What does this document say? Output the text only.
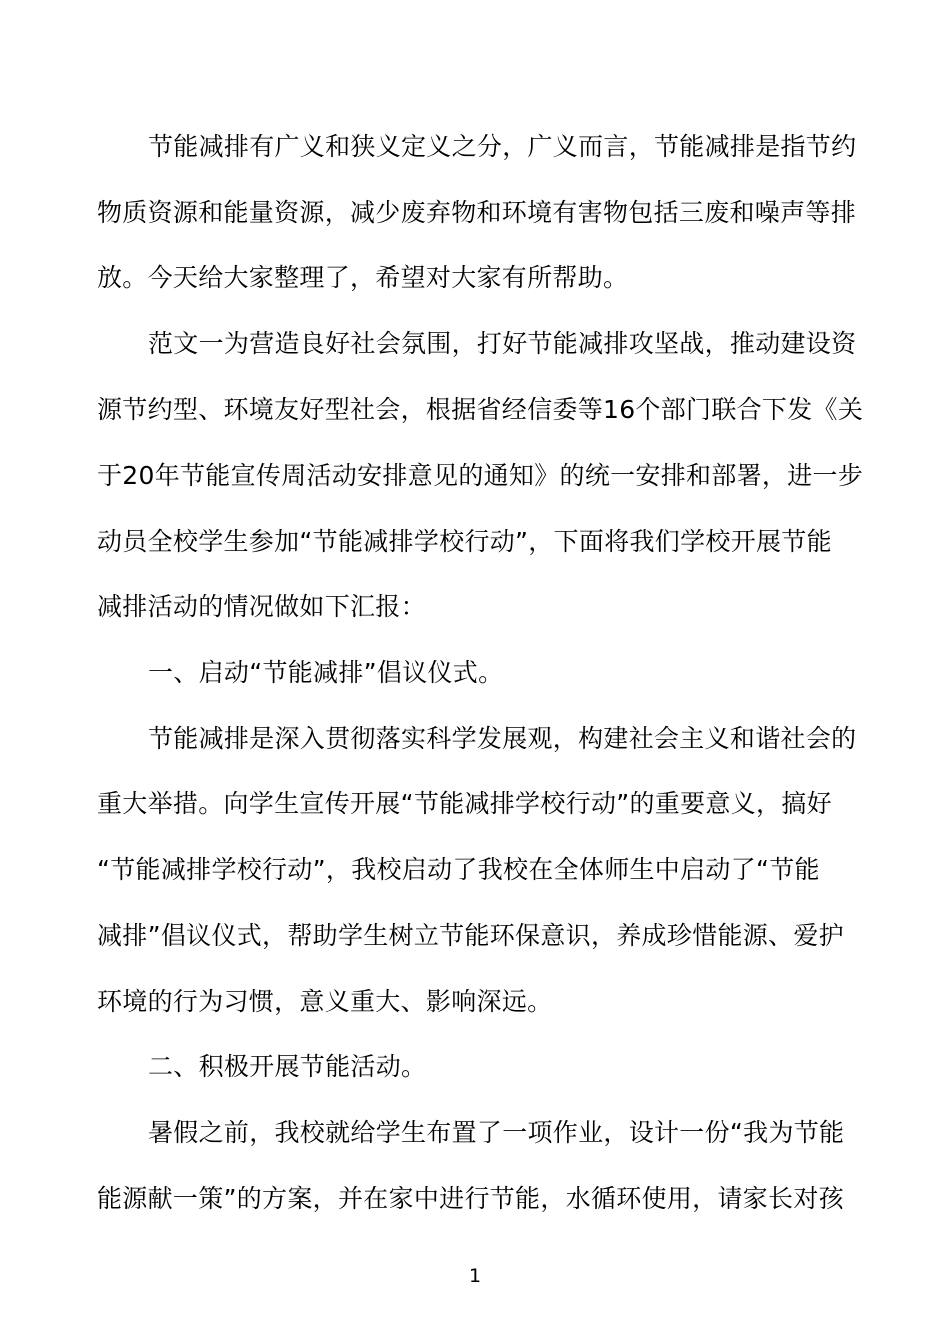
节能减排有广义和狭义定义之分，广义而言，节能减排是指节约
物质资源和能量资源，减少废弃物和环境有害物包括三废和噪声等排
放。今天给大家整理了，希望对大家有所帮助。
范文一为营造良好社会氛围，打好节能减排攻坚战，推动建设资
源节约型、环境友好型社会，根据省经信委等16个部门联合下发《关
于20年节能宣传周活动安排意见的通知》的统一安排和部署，进一步
动员全校学生参加“节能减排学校行动”，下面将我们学校开展节能
减排活动的情况做如下汇报：
一、启动“节能减排”倡议仪式。
节能减排是深入贯彻落实科学发展观，构建社会主义和谐社会的
重大举措。向学生宣传开展“节能减排学校行动”的重要意义，搞好
“节能减排学校行动”，我校启动了我校在全体师生中启动了“节能
减排”倡议仪式，帮助学生树立节能环保意识，养成珍惜能源、爱护
环境的行为习惯，意义重大、影响深远。
二、积极开展节能活动。
暑假之前，我校就给学生布置了一项作业，设计一份“我为节能
能源献一策”的方案，并在家中进行节能，水循环使用，请家长对孩
1
